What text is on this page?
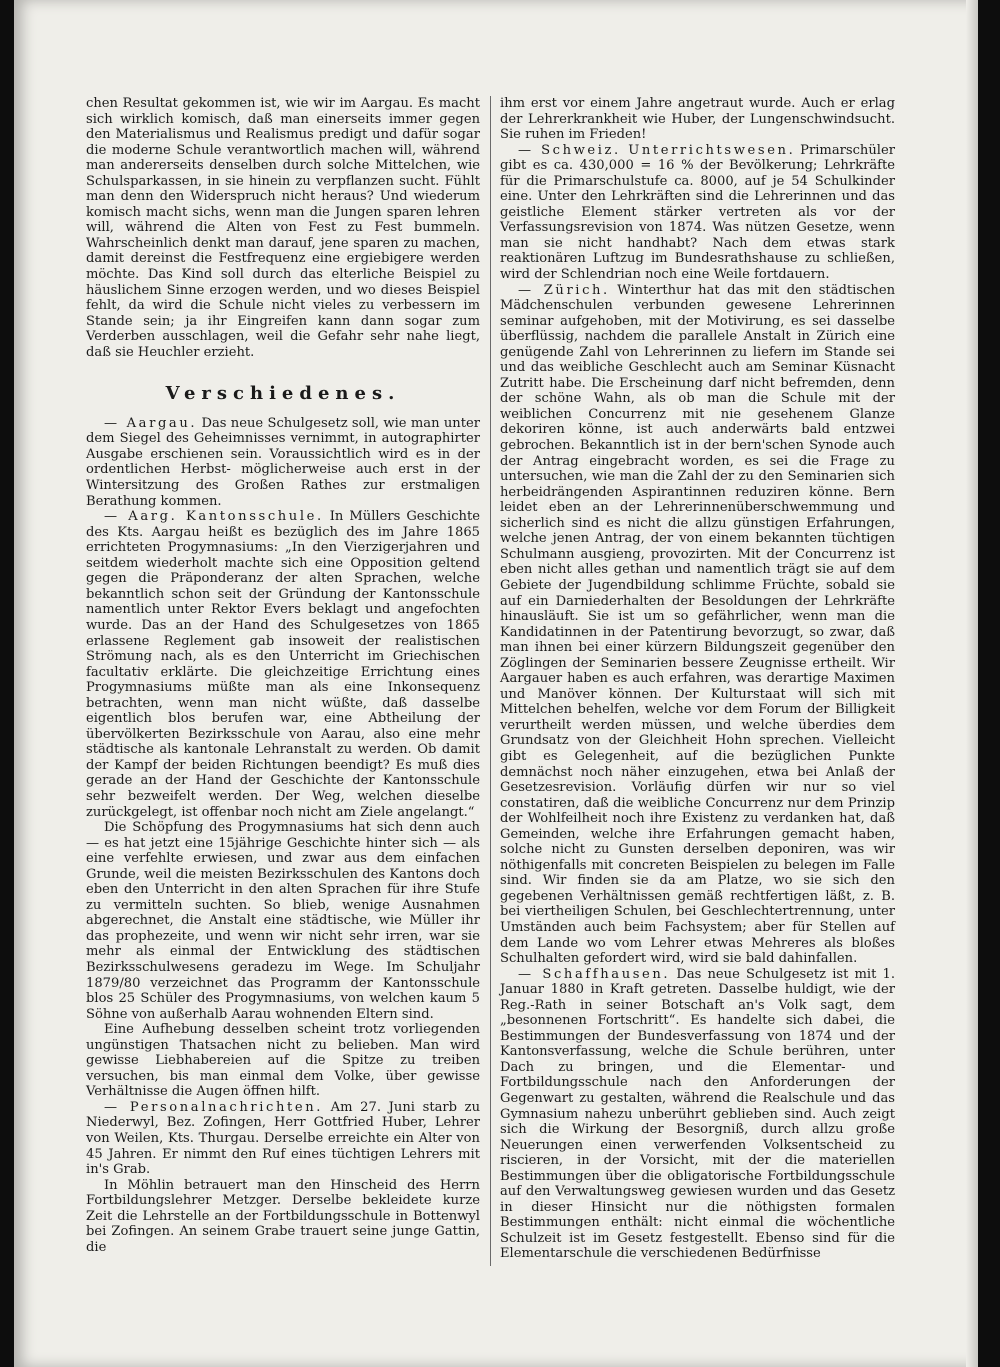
chen Resultat gekommen ist, wie wir im Aargau. Es macht sich wirklich komisch, daß man einerseits immer gegen den Materialismus und Realismus predigt und dafür sogar die moderne Schule verantwortlich machen will, während man andererseits denselben durch solche Mittelchen, wie Schulsparkassen, in sie hinein zu verpflanzen sucht. Fühlt man denn den Widerspruch nicht heraus? Und wiederum komisch macht sichs, wenn man die Jungen sparen lehren will, während die Alten von Fest zu Fest bummeln. Wahrscheinlich denkt man darauf, jene sparen zu machen, damit dereinst die Festfrequenz eine ergiebigere werden möchte. Das Kind soll durch das elterliche Beispiel zu häuslichem Sinne erzogen werden, und wo dieses Beispiel fehlt, da wird die Schule nicht vieles zu verbessern im Stande sein; ja ihr Eingreifen kann dann sogar zum Verderben ausschlagen, weil die Gefahr sehr nahe liegt, daß sie Heuchler erzieht.

Verschiedenes.

— Aargau. Das neue Schulgesetz soll, wie man unter dem Siegel des Geheimnisses vernimmt, in autographirter Ausgabe erschienen sein. Voraussichtlich wird es in der ordentlichen Herbst- möglicherweise auch erst in der Wintersitzung des Großen Rathes zur erstmaligen Berathung kommen.

— Aarg. Kantonsschule. In Müllers Geschichte des Kts. Aargau heißt es bezüglich des im Jahre 1865 errichteten Progymnasiums: „In den Vierzigerjahren und seitdem wiederholt machte sich eine Opposition geltend gegen die Präponderanz der alten Sprachen, welche bekanntlich schon seit der Gründung der Kantonsschule namentlich unter Rektor Evers beklagt und angefochten wurde. Das an der Hand des Schulgesetzes von 1865 erlassene Reglement gab insoweit der realistischen Strömung nach, als es den Unterricht im Griechischen facultativ erklärte. Die gleichzeitige Errichtung eines Progymnasiums müßte man als eine Inkonsequenz betrachten, wenn man nicht wüßte, daß dasselbe eigentlich blos berufen war, eine Abtheilung der übervölkerten Bezirksschule von Aarau, also eine mehr städtische als kantonale Lehranstalt zu werden. Ob damit der Kampf der beiden Richtungen beendigt? Es muß dies gerade an der Hand der Geschichte der Kantonsschule sehr bezweifelt werden. Der Weg, welchen dieselbe zurückgelegt, ist offenbar noch nicht am Ziele angelangt.“

Die Schöpfung des Progymnasiums hat sich denn auch— es hat jetzt eine 15jährige Geschichte hinter sich — als eine verfehlte erwiesen, und zwar aus dem einfachen Grunde, weil die meisten Bezirksschulen des Kantons doch eben den Unterricht in den alten Sprachen für ihre Stufe zu vermitteln suchten. So blieb, wenige Ausnahmen abgerechnet, die Anstalt eine städtische, wie Müller ihr das prophezeite, und wenn wir nicht sehr irren, war sie mehr als einmal der Entwicklung des städtischen Bezirksschulwesens geradezu im Wege. Im Schuljahr 1879/80 verzeichnet das Programm der Kantonsschule blos 25 Schüler des Progymnasiums, von welchen kaum 5 Söhne von außerhalb Aarau wohnenden Eltern sind.

Eine Aufhebung desselben scheint trotz vorliegenden ungünstigen Thatsachen nicht zu belieben. Man wird gewisse Liebhabereien auf die Spitze zu treiben versuchen, bis man einmal dem Volke, über gewisse Verhältnisse die Augen öffnen hilft.

— Personalnachrichten. Am 27. Juni starb zu Niederwyl, Bez. Zofingen, Herr Gottfried Huber, Lehrer von Weilen, Kts. Thurgau. Derselbe erreichte ein Alter von 45 Jahren. Er nimmt den Ruf eines tüchtigen Lehrers mit in's Grab.

In Möhlin betrauert man den Hinscheid des Herrn Fortbildungslehrer Metzger. Derselbe bekleidete kurze Zeit die Lehrstelle an der Fortbildungsschule in Bottenwyl bei Zofingen. An seinem Grabe trauert seine junge Gattin, die

ihm erst vor einem Jahre angetraut wurde. Auch er erlag der Lehrerkrankheit wie Huber, der Lungenschwindsucht. Sie ruhen im Frieden!

— Schweiz. Unterrichtswesen. Primarschüler gibt es ca. 430,000 = 16 % der Bevölkerung; Lehrkräfte für die Primarschulstufe ca. 8000, auf je 54 Schulkinder eine. Unter den Lehrkräften sind die Lehrerinnen und das geistliche Element stärker vertreten als vor der Verfassungsrevision von 1874. Was nützen Gesetze, wenn man sie nicht handhabt? Nach dem etwas stark reaktionären Luftzug im Bundesrathshause zu schließen, wird der Schlendrian noch eine Weile fortdauern.

— Zürich. Winterthur hat das mit den städtischen Mädchenschulen verbunden gewesene Lehrerinnen seminar aufgehoben, mit der Motivirung, es sei dasselbe überflüssig, nachdem die parallele Anstalt in Zürich eine genügende Zahl von Lehrerinnen zu liefern im Stande sei und das weibliche Geschlecht auch am Seminar Küsnacht Zutritt habe. Die Erscheinung darf nicht befremden, denn der schöne Wahn, als ob man die Schule mit der weiblichen Concurrenz mit nie gesehenem Glanze dekoriren könne, ist auch anderwärts bald entzwei gebrochen. Bekanntlich ist in der bern'schen Synode auch der Antrag eingebracht worden, es sei die Frage zu untersuchen, wie man die Zahl der zu den Seminarien sich herbeidrängenden Aspirantinnen reduziren könne. Bern leidet eben an der Lehrerinnenüberschwemmung und sicherlich sind es nicht die allzu günstigen Erfahrungen, welche jenen Antrag, der von einem bekannten tüchtigen Schulmann ausgieng, provozirten. Mit der Concurrenz ist eben nicht alles gethan und namentlich trägt sie auf dem Gebiete der Jugendbildung schlimme Früchte, sobald sie auf ein Darniederhalten der Besoldungen der Lehrkräfte hinausläuft. Sie ist um so gefährlicher, wenn man die Kandidatinnen in der Patentirung bevorzugt, so zwar, daß man ihnen bei einer kürzern Bildungszeit gegenüber den Zöglingen der Seminarien bessere Zeugnisse ertheilt. Wir Aargauer haben es auch erfahren, was derartige Maximen und Manöver können. Der Kulturstaat will sich mit Mittelchen behelfen, welche vor dem Forum der Billigkeit verurtheilt werden müssen, und welche überdies dem Grundsatz von der Gleichheit Hohn sprechen. Vielleicht gibt es Gelegenheit, auf die bezüglichen Punkte demnächst noch näher einzugehen, etwa bei Anlaß der Gesetzesrevision. Vorläufig dürfen wir nur so viel constatiren, daß die weibliche Concurrenz nur dem Prinzip der Wohlfeilheit noch ihre Existenz zu verdanken hat, daß Gemeinden, welche ihre Erfahrungen gemacht haben, solche nicht zu Gunsten derselben deponiren, was wir nöthigenfalls mit concreten Beispielen zu belegen im Falle sind. Wir finden sie da am Platze, wo sie sich den gegebenen Verhältnissen gemäß rechtfertigen läßt, z. B. bei viertheiligen Schulen, bei Geschlechtertrennung, unter Umständen auch beim Fachsystem; aber für Stellen auf dem Lande wo vom Lehrer etwas Mehreres als bloßes Schulhalten gefordert wird, wird sie bald dahinfallen.

— Schaffhausen. Das neue Schulgesetz ist mit 1. Januar 1880 in Kraft getreten. Dasselbe huldigt, wie der Reg.-Rath in seiner Botschaft an's Volk sagt, dem „besonnenen Fortschritt“. Es handelte sich dabei, die Bestimmungen der Bundesverfassung von 1874 und der Kantonsverfassung, welche die Schule berühren, unter Dach zu bringen, und die Elementar- und Fortbildungsschule nach den Anforderungen der Gegenwart zu gestalten, während die Realschule und das Gymnasium nahezu unberührt geblieben sind. Auch zeigt sich die Wirkung der Besorgniß, durch allzu große Neuerungen einen verwerfenden Volksentscheid zu riscieren, in der Vorsicht, mit der die materiellen Bestimmungen über die obligatorische Fortbildungsschule auf den Verwaltungsweg gewiesen wurden und das Gesetz in dieser Hinsicht nur die nöthigsten formalen Bestimmungen enthält: nicht einmal die wöchentliche Schulzeit ist im Gesetz festgestellt. Ebenso sind für die Elementarschule die verschiedenen Bedürfnisse
